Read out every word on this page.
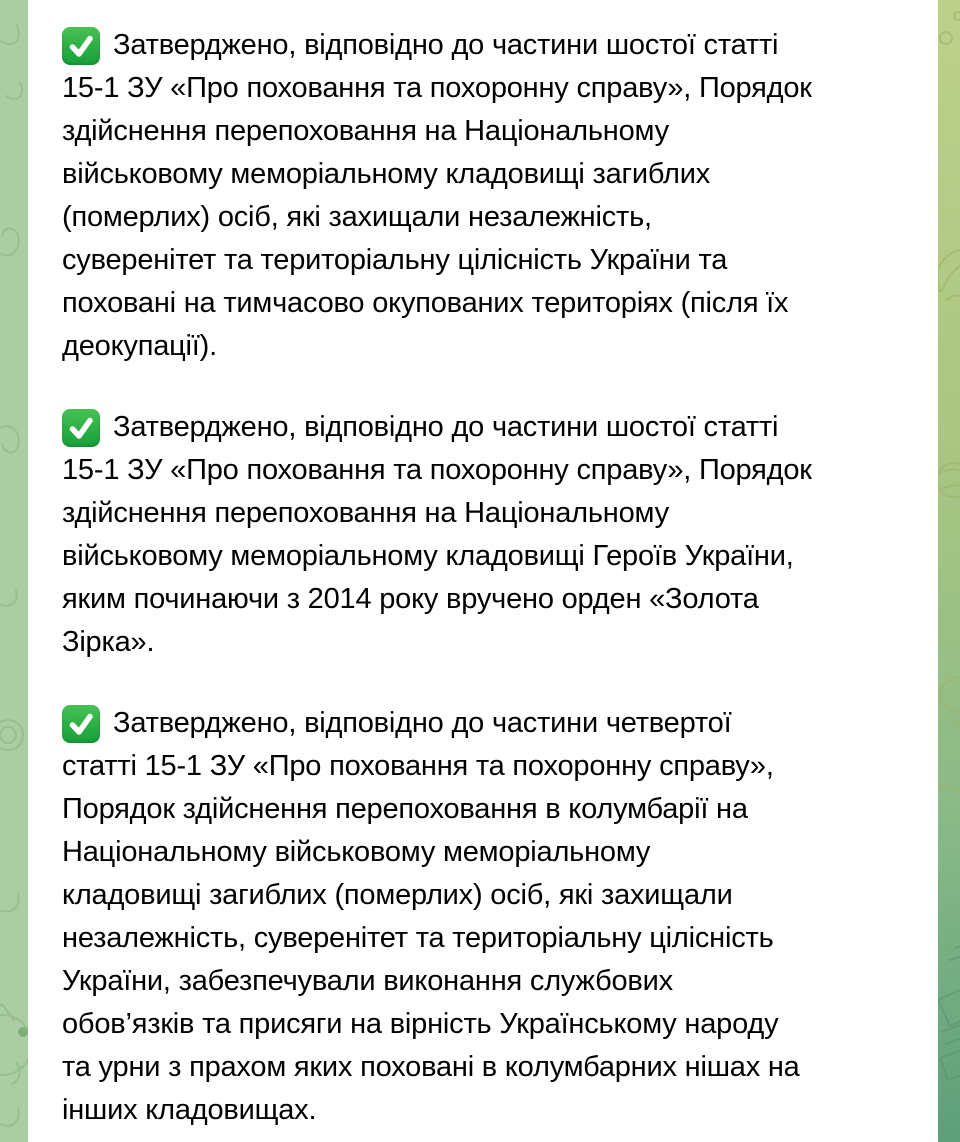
Затверджено, відповідно до частини шостої статті
15-1 ЗУ «Про поховання та похоронну справу», Порядок
здійснення перепоховання на Національному
військовому меморіальному кладовищі загиблих
(померлих) осіб, які захищали незалежність,
суверенітет та територіальну цілісність України та
поховані на тимчасово окупованих територіях (після їх
деокупації).
Затверджено, відповідно до частини шостої статті
15-1 ЗУ «Про поховання та похоронну справу», Порядок
здійснення перепоховання на Національному
військовому меморіальному кладовищі Героїв України,
яким починаючи з 2014 року вручено орден «Золота
Зірка».
Затверджено, відповідно до частини четвертої
статті 15-1 ЗУ «Про поховання та похоронну справу»,
Порядок здійснення перепоховання в колумбарії на
Національному військовому меморіальному
кладовищі загиблих (померлих) осіб, які захищали
незалежність, суверенітет та територіальну цілісність
України, забезпечували виконання службових
обов’язків та присяги на вірність Українському народу
та урни з прахом яких поховані в колумбарних нішах на
інших кладовищах.
